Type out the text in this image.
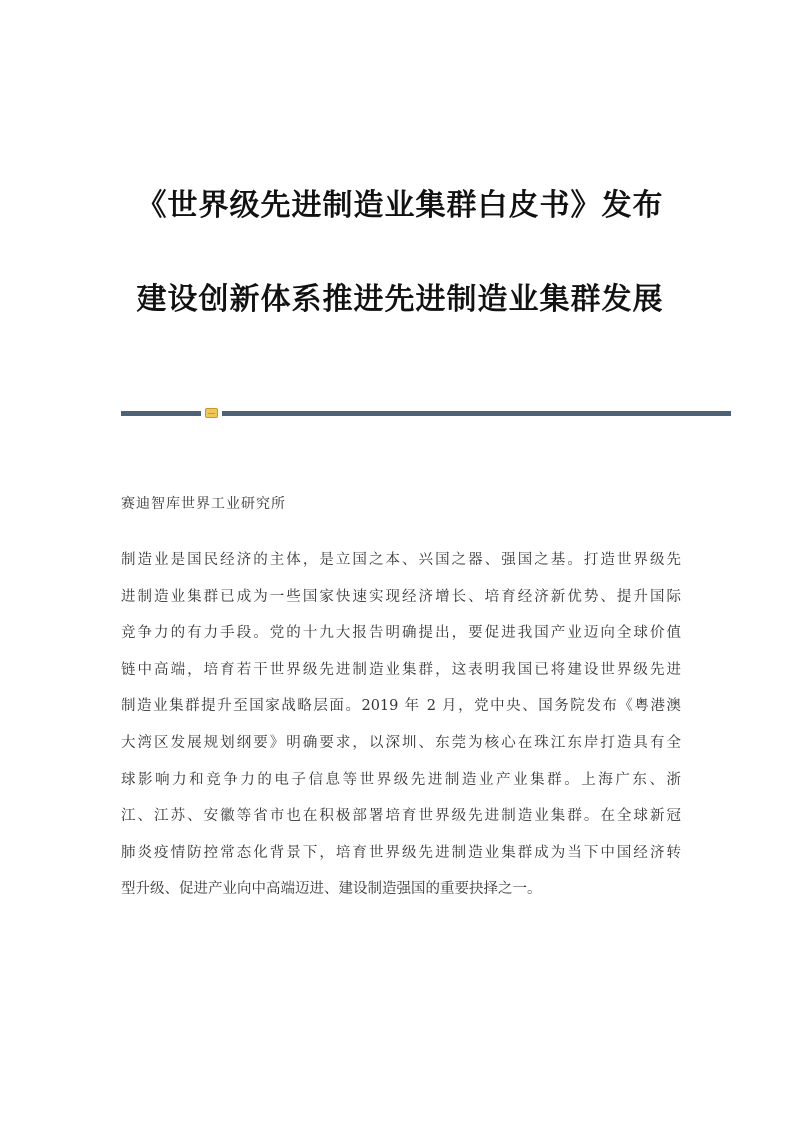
《世界级先进制造业集群白皮书》发布
建设创新体系推进先进制造业集群发展
赛迪智库世界工业研究所
制造业是国民经济的主体，是立国之本、兴国之器、强国之基。打造世界级先
进制造业集群已成为一些国家快速实现经济增长、培育经济新优势、提升国际
竞争力的有力手段。党的十九大报告明确提出，要促进我国产业迈向全球价值
链中高端，培育若干世界级先进制造业集群，这表明我国已将建设世界级先进
制造业集群提升至国家战略层面。2019 年 2 月，党中央、国务院发布《粤港澳
大湾区发展规划纲要》明确要求，以深圳、东莞为核心在珠江东岸打造具有全
球影响力和竞争力的电子信息等世界级先进制造业产业集群。上海广东、浙
江、江苏、安徽等省市也在积极部署培育世界级先进制造业集群。在全球新冠
肺炎疫情防控常态化背景下，培育世界级先进制造业集群成为当下中国经济转
型升级、促进产业向中高端迈进、建设制造强国的重要抉择之一。
